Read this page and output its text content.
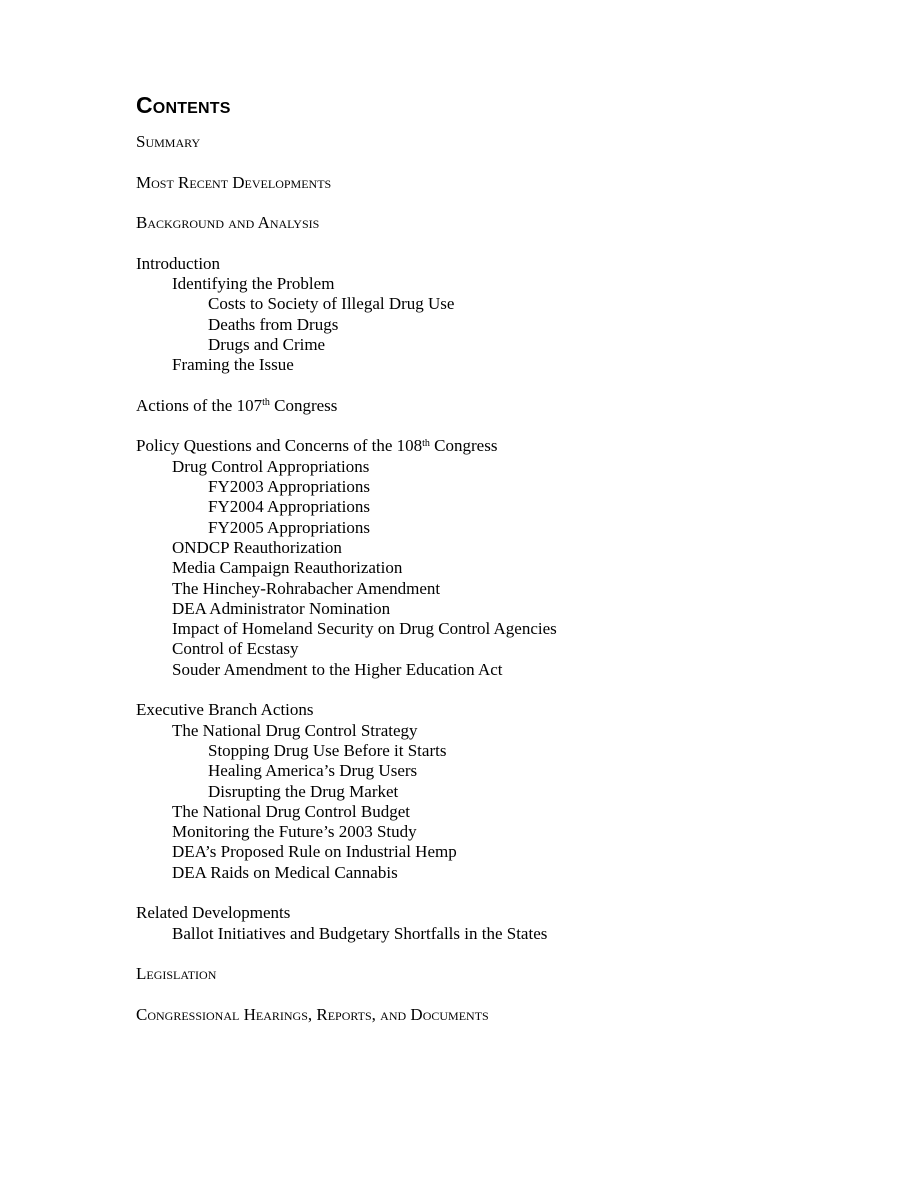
Contents
Summary
Most Recent Developments
Background and Analysis
Introduction
Identifying the Problem
Costs to Society of Illegal Drug Use
Deaths from Drugs
Drugs and Crime
Framing the Issue
Actions of the 107th Congress
Policy Questions and Concerns of the 108th Congress
Drug Control Appropriations
FY2003 Appropriations
FY2004 Appropriations
FY2005 Appropriations
ONDCP Reauthorization
Media Campaign Reauthorization
The Hinchey-Rohrabacher Amendment
DEA Administrator Nomination
Impact of Homeland Security on Drug Control Agencies
Control of Ecstasy
Souder Amendment to the Higher Education Act
Executive Branch Actions
The National Drug Control Strategy
Stopping Drug Use Before it Starts
Healing America’s Drug Users
Disrupting the Drug Market
The National Drug Control Budget
Monitoring the Future’s 2003 Study
DEA’s Proposed Rule on Industrial Hemp
DEA Raids on Medical Cannabis
Related Developments
Ballot Initiatives and Budgetary Shortfalls in the States
Legislation
Congressional Hearings, Reports, and Documents
